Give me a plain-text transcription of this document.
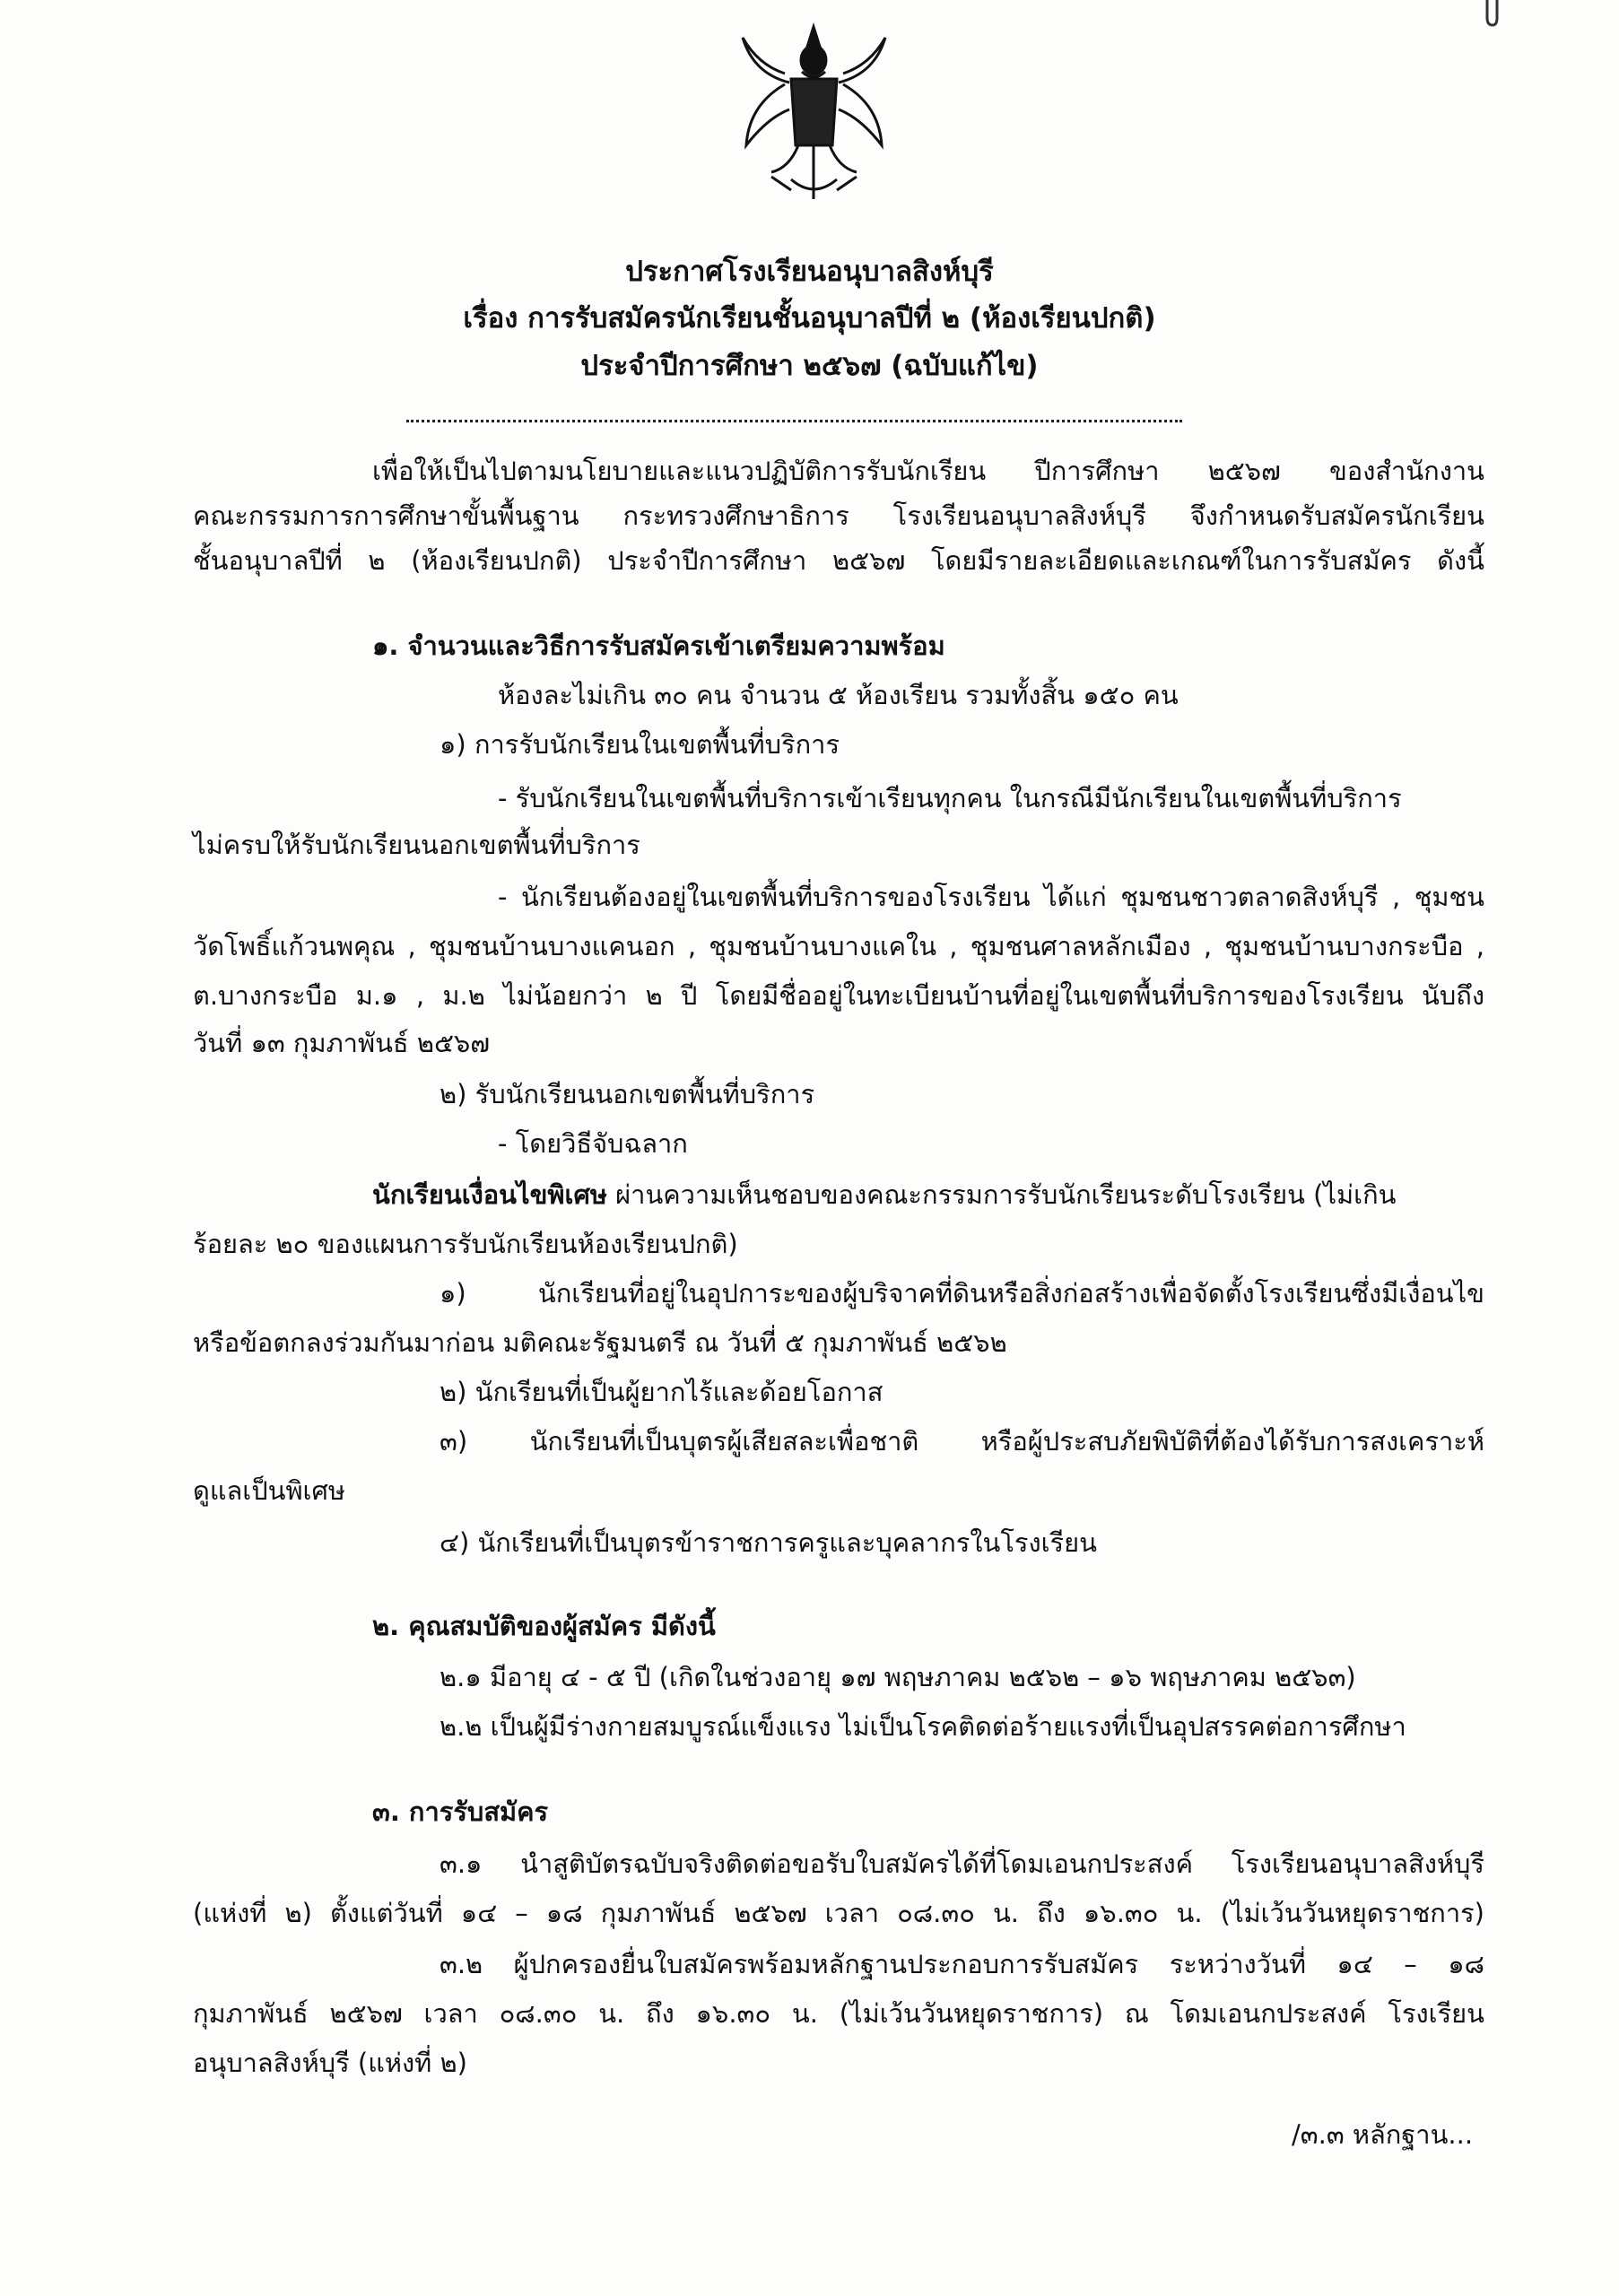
ประกาศโรงเรียนอนุบาลสิงห์บุรี
เรื่อง การรับสมัครนักเรียนชั้นอนุบาลปีที่ ๒ (ห้องเรียนปกติ)
ประจำปีการศึกษา ๒๕๖๗ (ฉบับแก้ไข)
เพื่อให้เป็นไปตามนโยบายและแนวปฏิบัติการรับนักเรียน ปีการศึกษา ๒๕๖๗ ของสำนักงาน
คณะกรรมการการศึกษาขั้นพื้นฐาน กระทรวงศึกษาธิการ โรงเรียนอนุบาลสิงห์บุรี จึงกำหนดรับสมัครนักเรียน
ชั้นอนุบาลปีที่ ๒ (ห้องเรียนปกติ) ประจำปีการศึกษา ๒๕๖๗ โดยมีรายละเอียดและเกณฑ์ในการรับสมัคร ดังนี้
๑. จำนวนและวิธีการรับสมัครเข้าเตรียมความพร้อม
ห้องละไม่เกิน ๓๐ คน จำนวน ๕ ห้องเรียน รวมทั้งสิ้น ๑๕๐ คน
๑) การรับนักเรียนในเขตพื้นที่บริการ
- รับนักเรียนในเขตพื้นที่บริการเข้าเรียนทุกคน ในกรณีมีนักเรียนในเขตพื้นที่บริการ
ไม่ครบให้รับนักเรียนนอกเขตพื้นที่บริการ
- นักเรียนต้องอยู่ในเขตพื้นที่บริการของโรงเรียน ได้แก่ ชุมชนชาวตลาดสิงห์บุรี , ชุมชน
วัดโพธิ์แก้วนพคุณ , ชุมชนบ้านบางแคนอก , ชุมชนบ้านบางแคใน , ชุมชนศาลหลักเมือง , ชุมชนบ้านบางกระบือ ,
ต.บางกระบือ ม.๑ , ม.๒ ไม่น้อยกว่า ๒ ปี โดยมีชื่ออยู่ในทะเบียนบ้านที่อยู่ในเขตพื้นที่บริการของโรงเรียน นับถึง
วันที่ ๑๓ กุมภาพันธ์ ๒๕๖๗
๒) รับนักเรียนนอกเขตพื้นที่บริการ
- โดยวิธีจับฉลาก
นักเรียนเงื่อนไขพิเศษ ผ่านความเห็นชอบของคณะกรรมการรับนักเรียนระดับโรงเรียน (ไม่เกิน
ร้อยละ ๒๐ ของแผนการรับนักเรียนห้องเรียนปกติ)
๑) นักเรียนที่อยู่ในอุปการะของผู้บริจาคที่ดินหรือสิ่งก่อสร้างเพื่อจัดตั้งโรงเรียนซึ่งมีเงื่อนไข
หรือข้อตกลงร่วมกันมาก่อน มติคณะรัฐมนตรี ณ วันที่ ๕ กุมภาพันธ์ ๒๕๖๒
๒) นักเรียนที่เป็นผู้ยากไร้และด้อยโอกาส
๓) นักเรียนที่เป็นบุตรผู้เสียสละเพื่อชาติ หรือผู้ประสบภัยพิบัติที่ต้องได้รับการสงเคราะห์
ดูแลเป็นพิเศษ
๔) นักเรียนที่เป็นบุตรข้าราชการครูและบุคลากรในโรงเรียน
๒. คุณสมบัติของผู้สมัคร มีดังนี้
๒.๑ มีอายุ ๔ - ๕ ปี (เกิดในช่วงอายุ ๑๗ พฤษภาคม ๒๕๖๒ – ๑๖ พฤษภาคม ๒๕๖๓)
๒.๒ เป็นผู้มีร่างกายสมบูรณ์แข็งแรง ไม่เป็นโรคติดต่อร้ายแรงที่เป็นอุปสรรคต่อการศึกษา
๓. การรับสมัคร
๓.๑ นำสูติบัตรฉบับจริงติดต่อขอรับใบสมัครได้ที่โดมเอนกประสงค์ โรงเรียนอนุบาลสิงห์บุรี
(แห่งที่ ๒) ตั้งแต่วันที่ ๑๔ – ๑๘ กุมภาพันธ์ ๒๕๖๗ เวลา ๐๘.๓๐ น. ถึง ๑๖.๓๐ น. (ไม่เว้นวันหยุดราชการ)
๓.๒ ผู้ปกครองยื่นใบสมัครพร้อมหลักฐานประกอบการรับสมัคร ระหว่างวันที่ ๑๔ – ๑๘
กุมภาพันธ์ ๒๕๖๗ เวลา ๐๘.๓๐ น. ถึง ๑๖.๓๐ น. (ไม่เว้นวันหยุดราชการ) ณ โดมเอนกประสงค์ โรงเรียน
อนุบาลสิงห์บุรี (แห่งที่ ๒)
/๓.๓ หลักฐาน...
